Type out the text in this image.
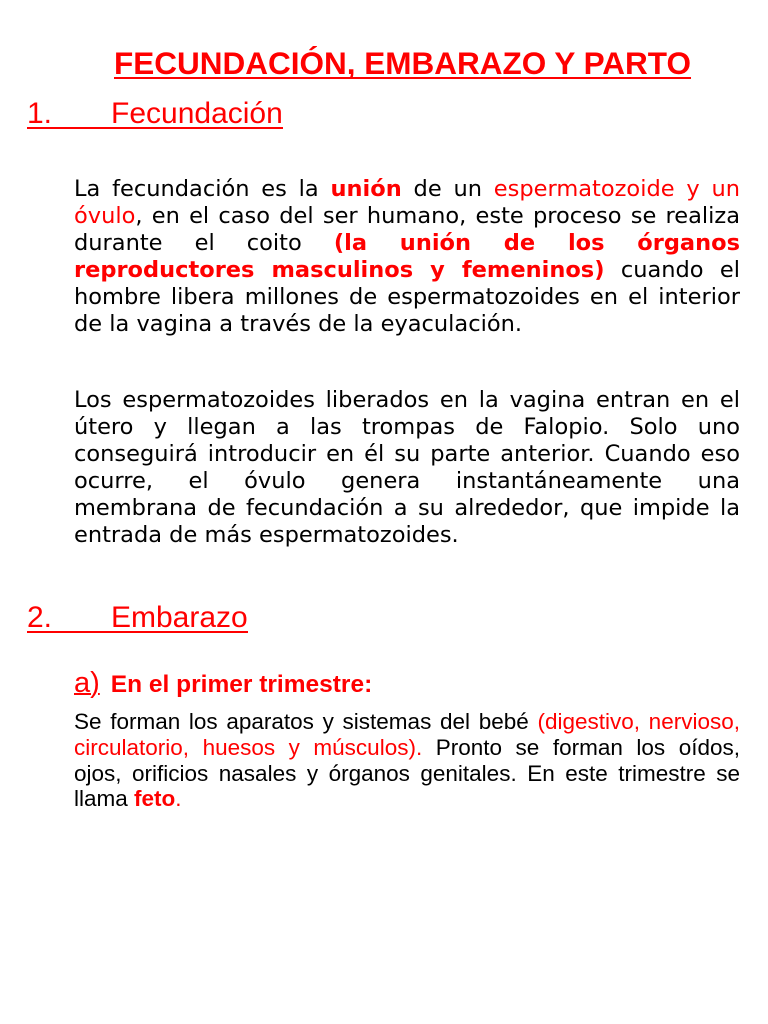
FECUNDACIÓN, EMBARAZO Y PARTO
1. Fecundación
La fecundación es la unión de un espermatozoide y un
óvulo, en el caso del ser humano, este proceso se realiza
durante el coito (la unión de los órganos
reproductores masculinos y femeninos) cuando el
hombre libera millones de espermatozoides en el interior
de la vagina a través de la eyaculación.
Los espermatozoides liberados en la vagina entran en el
útero y llegan a las trompas de Falopio. Solo uno
conseguirá introducir en él su parte anterior. Cuando eso
ocurre, el óvulo genera instantáneamente una
membrana de fecundación a su alrededor, que impide la
entrada de más espermatozoides.
2. Embarazo
a) En el primer trimestre:
Se forman los aparatos y sistemas del bebé (digestivo, nervioso,
circulatorio, huesos y músculos). Pronto se forman los oídos,
ojos, orificios nasales y órganos genitales. En este trimestre se
llama feto.
